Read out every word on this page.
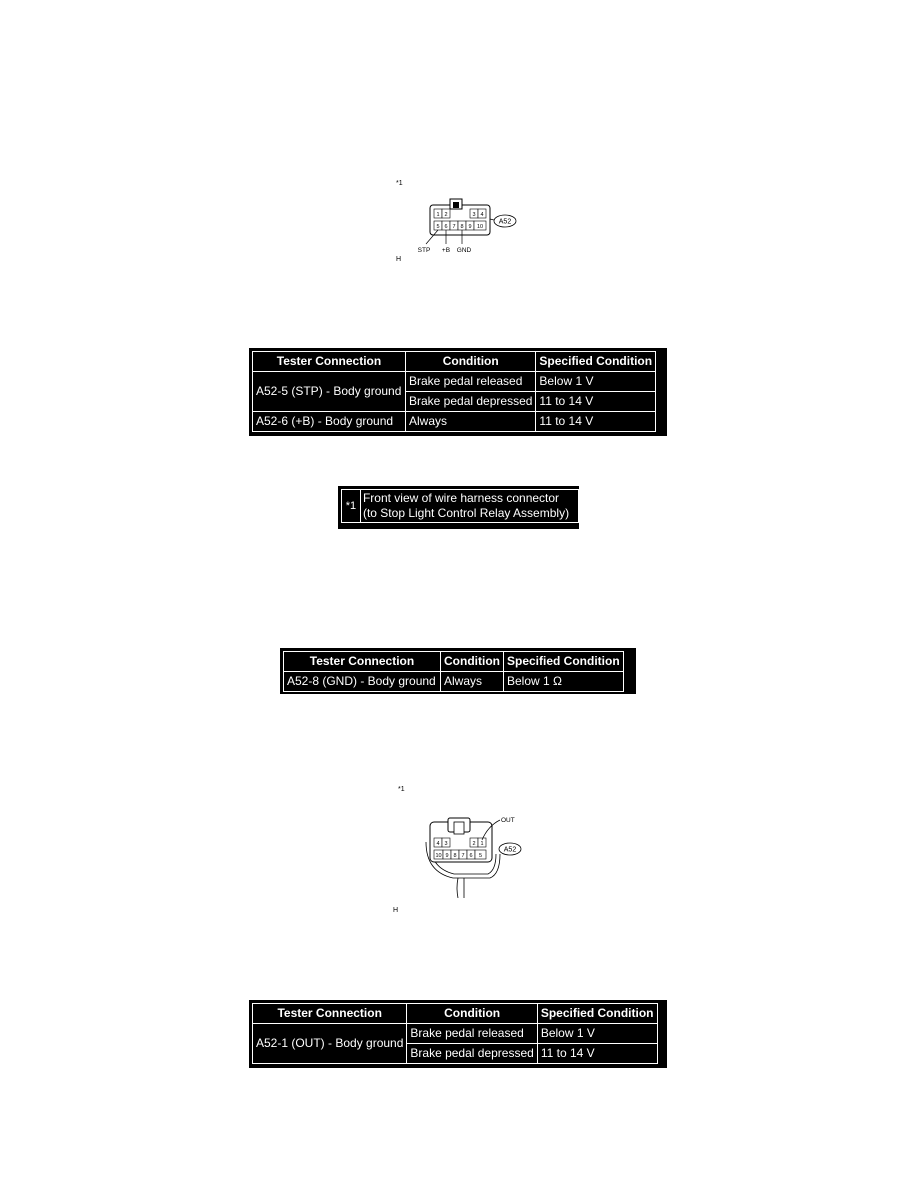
*1
H
1 2	3 4
5 6 7 8 9 10
A52
STP +B GND
Tester Connection	Condition	Specified Condition
A52-5 (STP) - Body ground	Brake pedal released	Below 1 V
	Brake pedal depressed	11 to 14 V
A52-6 (+B) - Body ground	Always	11 to 14 V
*1	
Front view of wire harness connector
(to Stop Light Control Relay Assembly)
Tester Connection	Condition	Specified Condition
A52-8 (GND) - Body ground	Always	Below 1 Ω
*1
H
4 3	2 1
10 9 8 7 6 5
OUT
A52
Tester Connection	Condition	Specified Condition
A52-1 (OUT) - Body ground	Brake pedal released	Below 1 V
	Brake pedal depressed	11 to 14 V
